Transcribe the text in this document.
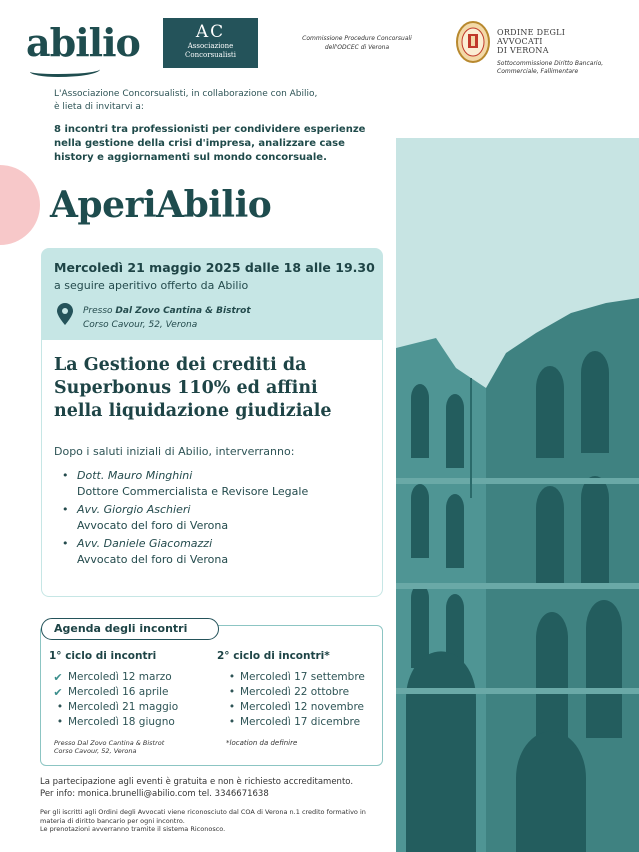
abilio	AC
Associazione
Concorsualisti
Commissione Procedure Concorsuali
dell'ODCEC di Verona
ORDINE DEGLI
AVVOCATI
DI VERONA
Sottocommissione Diritto Bancario,
Commerciale, Fallimentare
L'Associazione Concorsualisti, in collaborazione con Abilio,
è lieta di invitarvi a:
8 incontri tra professionisti per condividere esperienze nella gestione della crisi d'impresa, analizzare case history e aggiornamenti sul mondo concorsuale.
AperiAbilio
Mercoledì 21 maggio 2025 dalle 18 alle 19.30
a seguire aperitivo offerto da Abilio
Presso Dal Zovo Cantina & Bistrot
Corso Cavour, 52, Verona
La Gestione dei crediti da Superbonus 110% ed affini nella liquidazione giudiziale
Dopo i saluti iniziali di Abilio, interverranno:
• Dott. Mauro Minghini
Dottore Commercialista e Revisore Legale
• Avv. Giorgio Aschieri
Avvocato del foro di Verona
• Avv. Daniele Giacomazzi
Avvocato del foro di Verona
Agenda degli incontri
1° ciclo di incontri	2° ciclo di incontri*
✔ Mercoledì 12 marzo
✔ Mercoledì 16 aprile
• Mercoledì 21 maggio
• Mercoledì 18 giugno
• Mercoledì 17 settembre
• Mercoledì 22 ottobre
• Mercoledì 12 novembre
• Mercoledì 17 dicembre
Presso Dal Zovo Cantina & Bistrot
Corso Cavour, 52, Verona
*location da definire
La partecipazione agli eventi è gratuita e non è richiesto accreditamento.
Per info: monica.brunelli@abilio.com tel. 3346671638
Per gli iscritti agli Ordini degli Avvocati viene riconosciuto dal COA di Verona n.1 credito formativo in
materia di diritto bancario per ogni incontro.
Le prenotazioni avverranno tramite il sistema Riconosco.
